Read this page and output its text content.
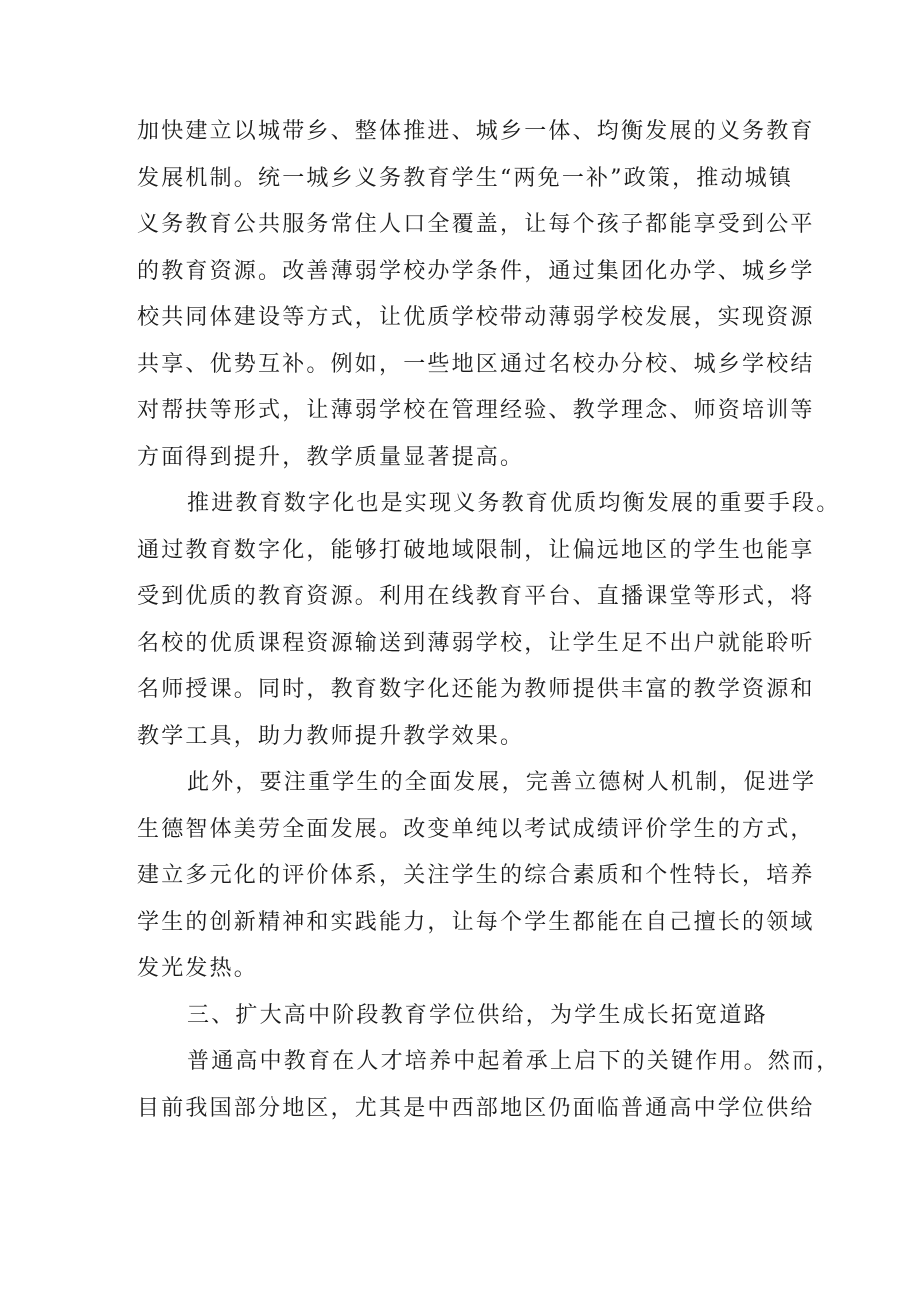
加快建立以城带乡、整体推进、城乡一体、均衡发展的义务教育
发展机制。统一城乡义务教育学生“两免一补”政策，推动城镇
义务教育公共服务常住人口全覆盖，让每个孩子都能享受到公平
的教育资源。改善薄弱学校办学条件，通过集团化办学、城乡学
校共同体建设等方式，让优质学校带动薄弱学校发展，实现资源
共享、优势互补。例如，一些地区通过名校办分校、城乡学校结
对帮扶等形式，让薄弱学校在管理经验、教学理念、师资培训等
方面得到提升，教学质量显著提高。
推进教育数字化也是实现义务教育优质均衡发展的重要手段。
通过教育数字化，能够打破地域限制，让偏远地区的学生也能享
受到优质的教育资源。利用在线教育平台、直播课堂等形式，将
名校的优质课程资源输送到薄弱学校，让学生足不出户就能聆听
名师授课。同时，教育数字化还能为教师提供丰富的教学资源和
教学工具，助力教师提升教学效果。
此外，要注重学生的全面发展，完善立德树人机制，促进学
生德智体美劳全面发展。改变单纯以考试成绩评价学生的方式，
建立多元化的评价体系，关注学生的综合素质和个性特长，培养
学生的创新精神和实践能力，让每个学生都能在自己擅长的领域
发光发热。
三、扩大高中阶段教育学位供给，为学生成长拓宽道路
普通高中教育在人才培养中起着承上启下的关键作用。然而，
目前我国部分地区，尤其是中西部地区仍面临普通高中学位供给
